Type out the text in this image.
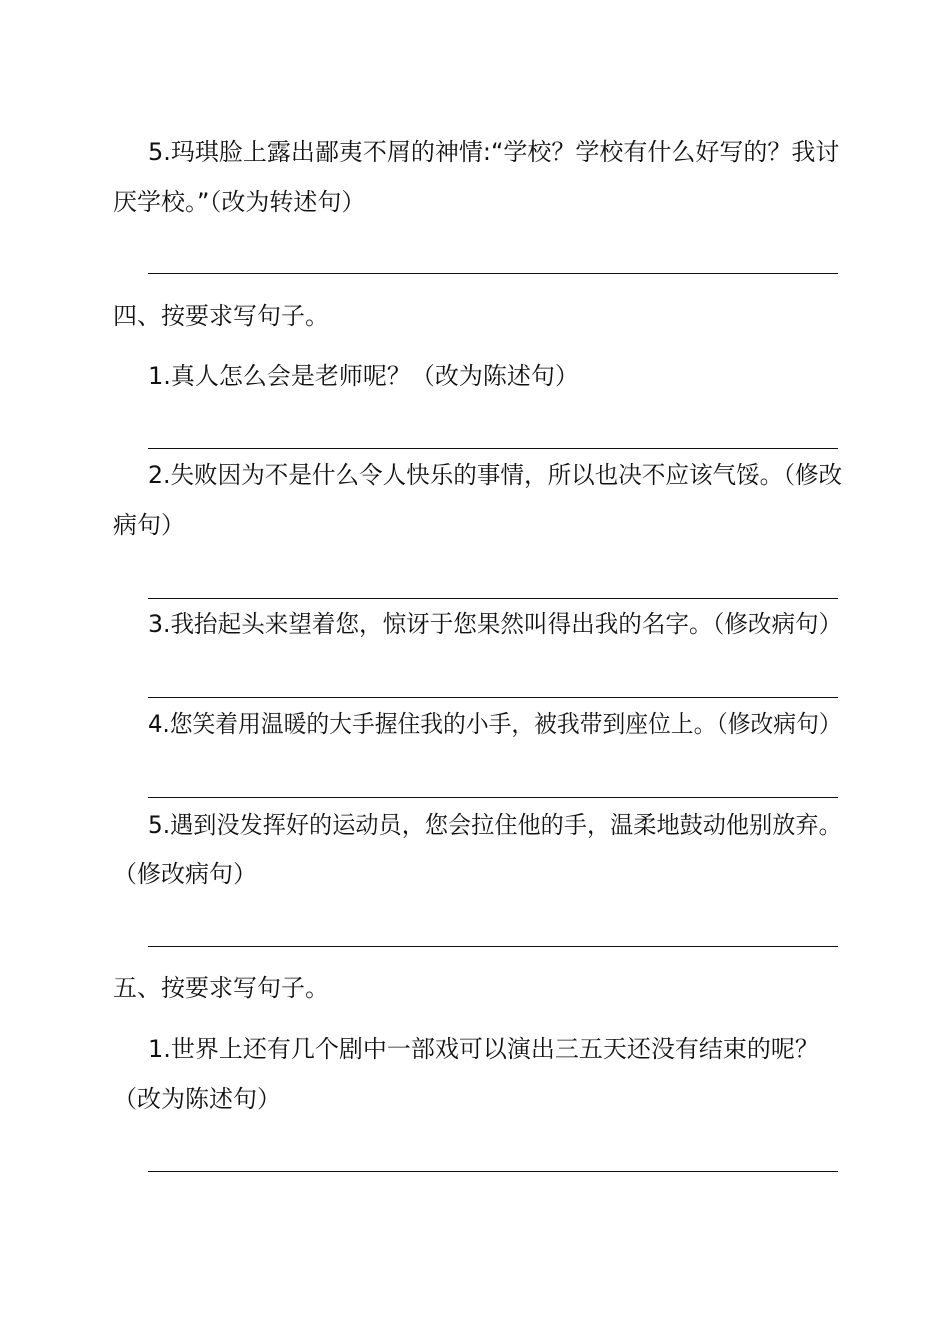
5.玛琪脸上露出鄙夷不屑的神情:“学校？学校有什么好写的？我讨

厌学校。”（改为转述句）

四、按要求写句子。

1.真人怎么会是老师呢？（改为陈述句）

2.失败因为不是什么令人快乐的事情，所以也决不应该气馁。（修改

病句）

3.我抬起头来望着您，惊讶于您果然叫得出我的名字。（修改病句）

4.您笑着用温暖的大手握住我的小手，被我带到座位上。（修改病句）

5.遇到没发挥好的运动员，您会拉住他的手，温柔地鼓动他别放弃。

（修改病句）

五、按要求写句子。

1.世界上还有几个剧中一部戏可以演出三五天还没有结束的呢？

（改为陈述句）
